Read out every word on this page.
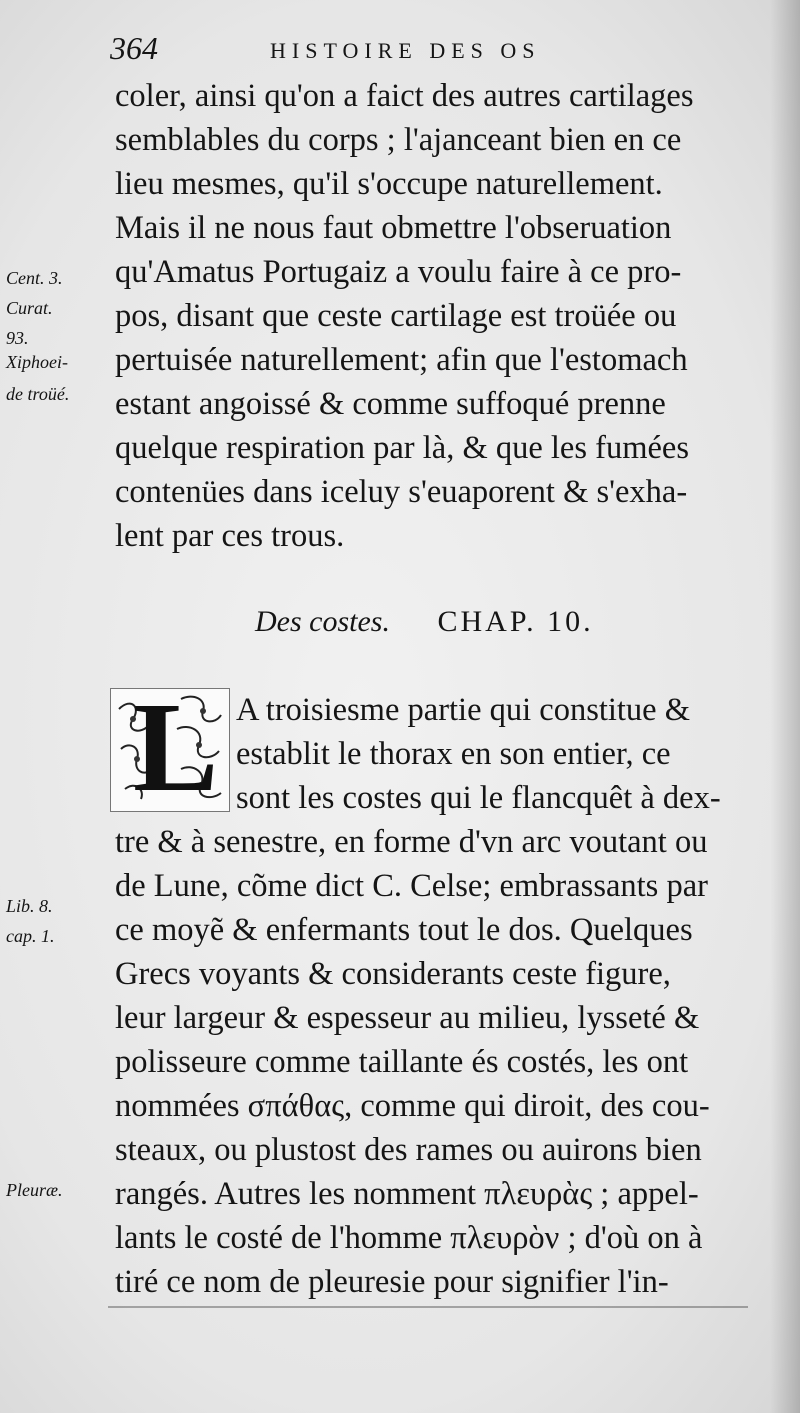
364	HISTOIRE DES OS
coler, ainsi qu'on a faict des autres cartilages
semblables du corps ; l'ajanceant bien en ce
lieu mesmes, qu'il s'occupe naturellement.
Mais il ne nous faut obmettre l'obseruation
qu'Amatus Portugaiz a voulu faire à ce pro-
pos, disant que ceste cartilage est troüée ou
pertuisée naturellement; afin que l'estomach
estant angoissé & comme suffoqué prenne
quelque respiration par là, & que les fumées
contenües dans iceluy s'euaporent & s'exha-
lent par ces trous.
Cent. 3.
Curat.
93.
Xiphoei-
de troüé.
Des costes. CHAP. 10.
L A troisiesme partie qui constitue &
establit le thorax en son entier, ce
sont les costes qui le flancquêt à dex-
tre & à senestre, en forme d'vn arc voutant ou
de Lune, cõme dict C. Celse; embrassants par
ce moyẽ & enfermants tout le dos. Quelques
Grecs voyants & considerants ceste figure,
leur largeur & espesseur au milieu, lysseté &
polisseure comme taillante és costés, les ont
nommées σπάθας, comme qui diroit, des cou-
steaux, ou plustost des rames ou auirons bien
rangés. Autres les nomment πλευρὰς ; appel-
lants le costé de l'homme πλευρὸν ; d'où on à
tiré ce nom de pleuresie pour signifier l'in-
Lib. 8.
cap. 1.
Pleuræ.
